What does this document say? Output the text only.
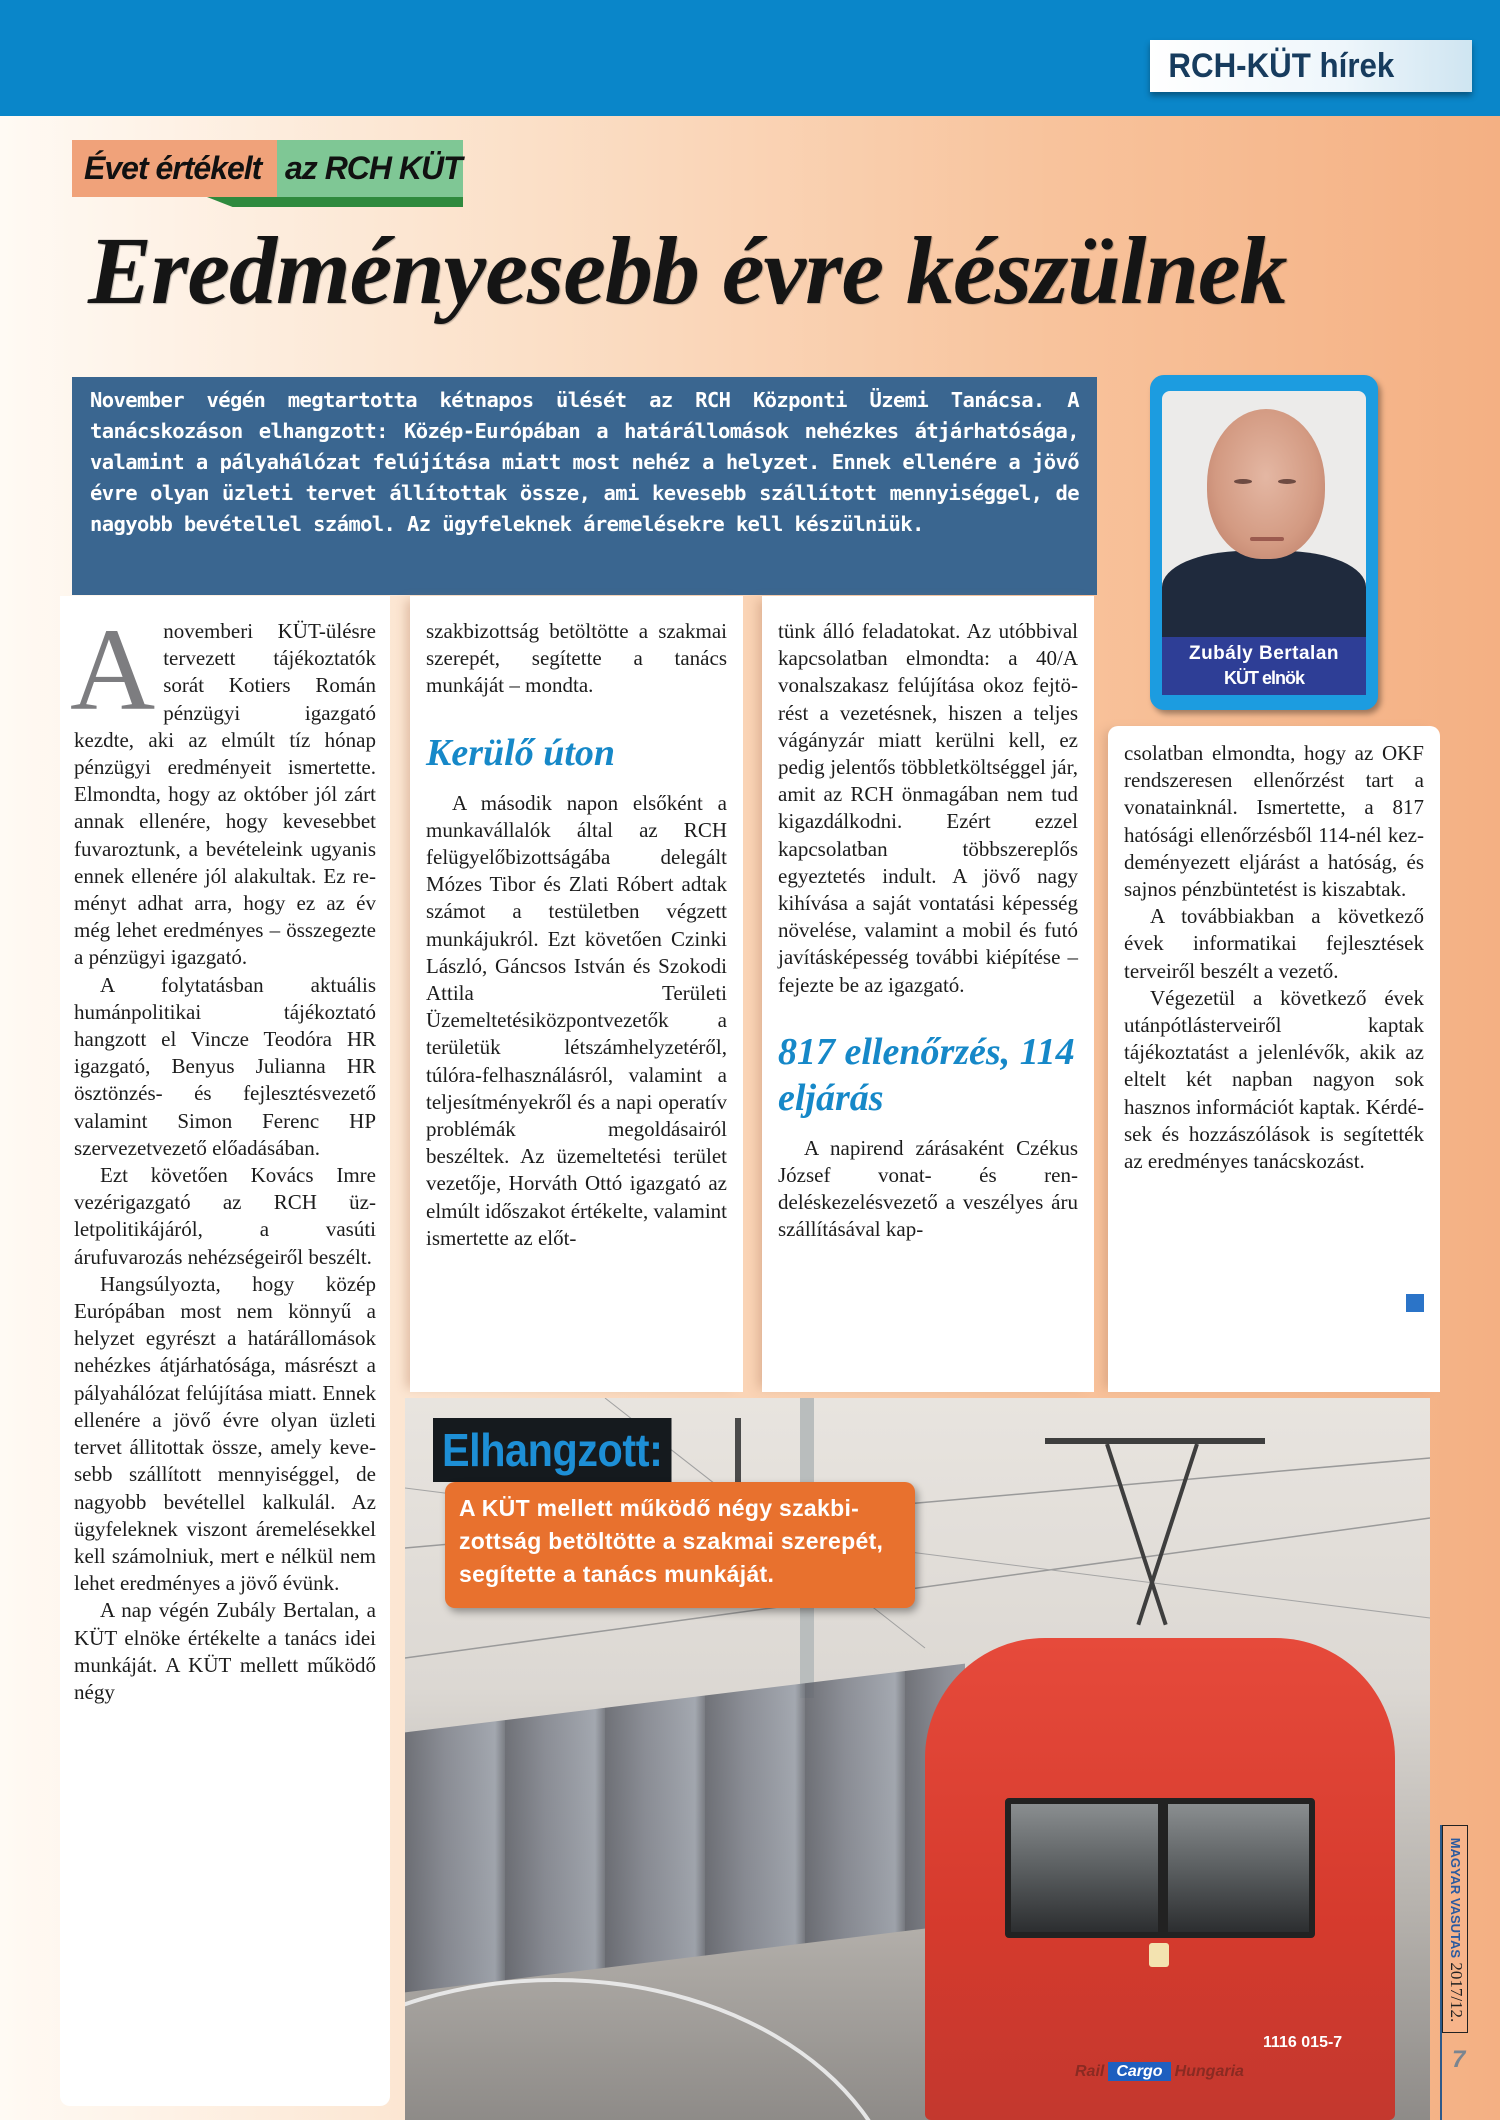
RCH-KÜT hírek
Évet értékelt az RCH KÜT
Eredményesebb évre készülnek
November végén megtartotta kétnapos ülését az RCH Központi Üzemi Tanácsa. A tanácskozáson elhangzott: Közép-Európában a határállomások nehézkes átjárhatósága, valamint a pályahálózat felújítása miatt most nehéz a helyzet. Ennek ellenére a jövő évre olyan üzleti tervet állítottak össze, ami kevesebb szállított mennyiséggel, de nagyobb bevétellel számol. Az ügyfeleknek áremelésekre kell készülniük.
Zubály Bertalan
KÜT elnök
A novemberi KÜT-ülésre tervezett tájékoztatók sorát Kotiers Román pénzügyi igazgató kezdte, aki az elmúlt tíz hónap pénzügyi eredményeit ismertette. Elmondta, hogy az október jól zárt annak ellenére, hogy kevesebbet fuvaroztunk, a bevételeink ugyanis ennek ellenére jól alakultak. Ez reményt adhat arra, hogy ez az év még lehet eredményes – összegezte a pénzügyi igazgató.

A folytatásban aktuális humánpolitikai tájékoztató hangzott el Vincze Teodóra HR igazgató, Benyus Julianna HR ösztönzés- és fejlesztésvezető valamint Simon Ferenc HP szervezetvezető előadásában.

Ezt követően Kovács Imre vezérigazgató az RCH üzletpolitikájáról, a vasúti árufuvarozás nehézségeiről beszélt.

Hangsúlyozta, hogy közép Európában most nem könnyű a helyzet egyrészt a határállomások nehézkes átjárhatósága, másrészt a pályahálózat felújítása miatt. Ennek ellenére a jövő évre olyan üzleti tervet állitottak össze, amely kevesebb szállított mennyiséggel, de nagyobb bevétellel kalkulál. Az ügyfeleknek viszont áremelésekkel kell számolniuk, mert e nélkül nem lehet eredményes a jövő évünk.

A nap végén Zubály Bertalan, a KÜT elnöke értékelte a tanács idei munkáját. A KÜT mellett működő négy

szakbizottság betöltötte a szakmai szerepét, segítette a tanács munkáját – mondta.

Kerülő úton

A második napon elsőként a munkavállalók által az RCH felügyelőbizottságába delegált Mózes Tibor és Zlati Róbert adtak számot a testületben végzett munkájukról. Ezt követően Czinki László, Gáncsos István és Szokodi Attila Területi Üzemeltetésiközpontvezetők a területük létszámhelyzetéről, túlóra-felhasználásról, valamint a teljesítményekről és a napi operatív problémák megoldásairól beszéltek. Az üzemeltetési terület vezetője, Horváth Ottó igazgató az elmúlt időszakot értékelte, valamint ismertette az előt-

tünk álló feladatokat. Az utóbbival kapcsolatban elmondta: a 40/A vonalszakasz felújítása okoz fejtörést a vezetésnek, hiszen a teljes vágányzár miatt kerülni kell, ez pedig jelentős többletköltséggel jár, amit az RCH önmagában nem tud kigazdálkodni. Ezért ezzel kapcsolatban többszereplős egyeztetés indult. A jövő nagy kihívása a saját vontatási képesség növelése, valamint a mobil és futó javításképesség további kiépítése – fejezte be az igazgató.

817 ellenőrzés, 114 eljárás

A napirend zárásaként Czékus József vonat- és rendeléskezelésvezető a veszélyes áru szállításával kap-

csolatban elmondta, hogy az OKF rendszeresen ellenőrzést tart a vonatainknál. Ismertette, a 817 hatósági ellenőrzésből 114-nél kezdeményezett eljárást a hatóság, és sajnos pénzbüntetést is kiszabtak.

A továbbiakban a következő évek informatikai fejlesztések terveiről beszélt a vezető.

Végezetül a következő évek utánpótlásterveiről kaptak tájékoztatást a jelenlévők, akik az eltelt két napban nagyon sok hasznos információt kaptak. Kérdések és hozzászólások is segítették az eredményes tanácskozást.

1116 015-7
Rail Cargo Hungaria
Elhangzott:
A KÜT mellett működő négy szakbizottság betöltötte a szakmai szerepét, segítette a tanács munkáját.
MAGYAR VASUTAS 2017/12.
7
